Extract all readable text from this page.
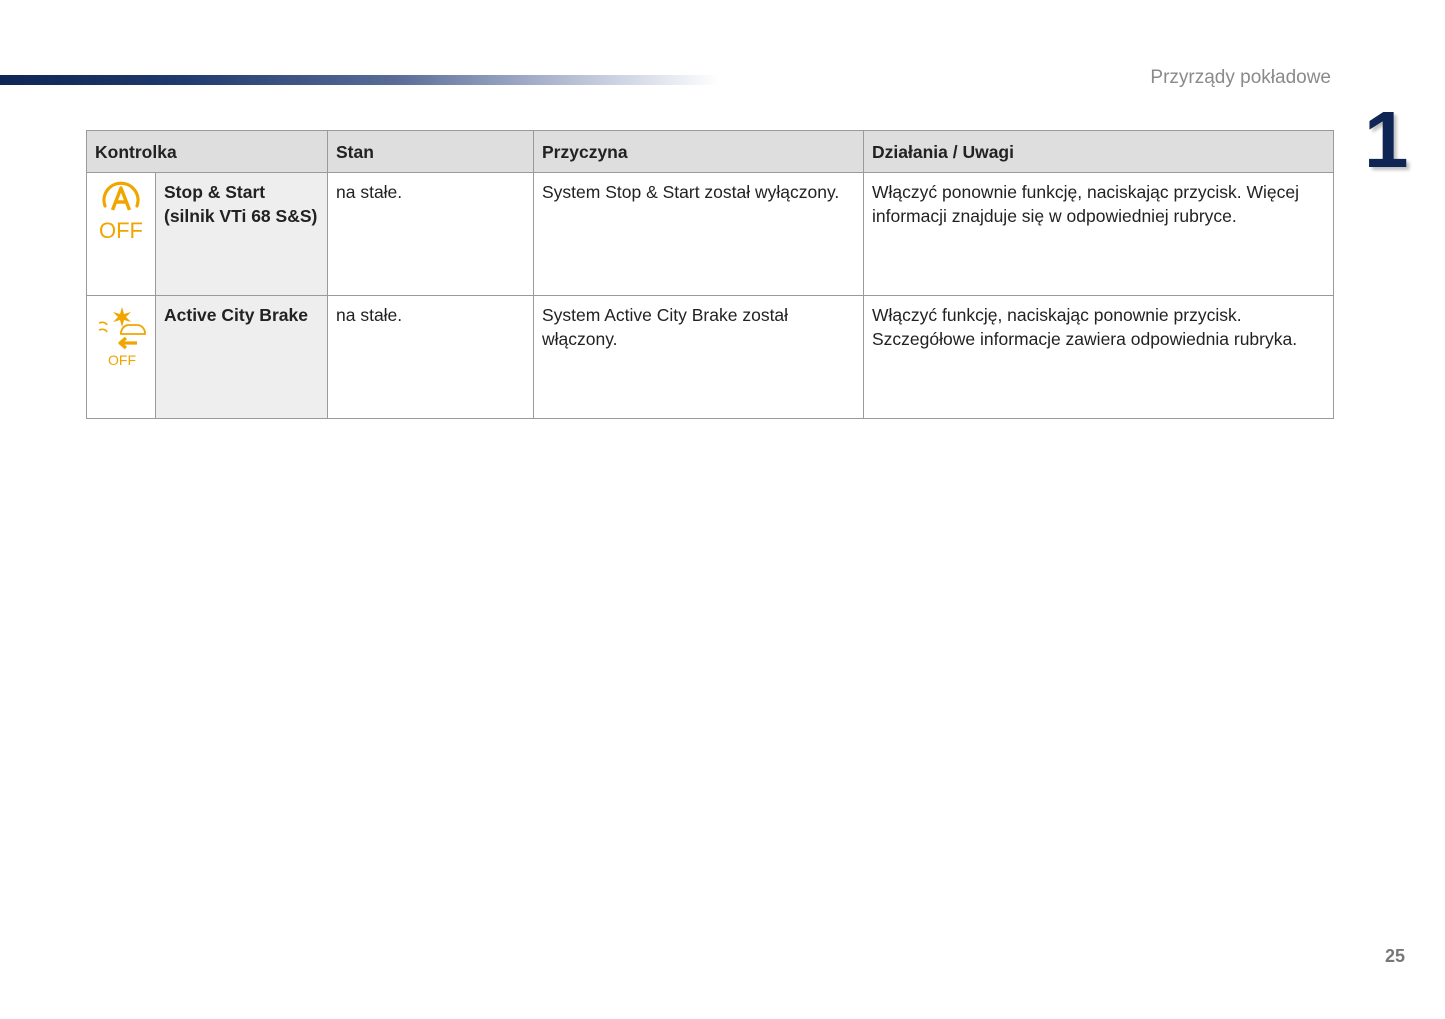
Przyrządy pokładowe
1
Kontrolka		Stan	Przyczyna	Działania / Uwagi

OFF	Stop & Start (silnik VTi 68 S&S)	na stałe.	System Stop & Start został wyłączony.	Włączyć ponownie funkcję, naciskając przycisk. Więcej informacji znajduje się w odpowiedniej rubryce.

OFF	Active City Brake	na stałe.	System Active City Brake został włączony.	Włączyć funkcję, naciskając ponownie przycisk. Szczegółowe informacje zawiera odpowiednia rubryka.
25
